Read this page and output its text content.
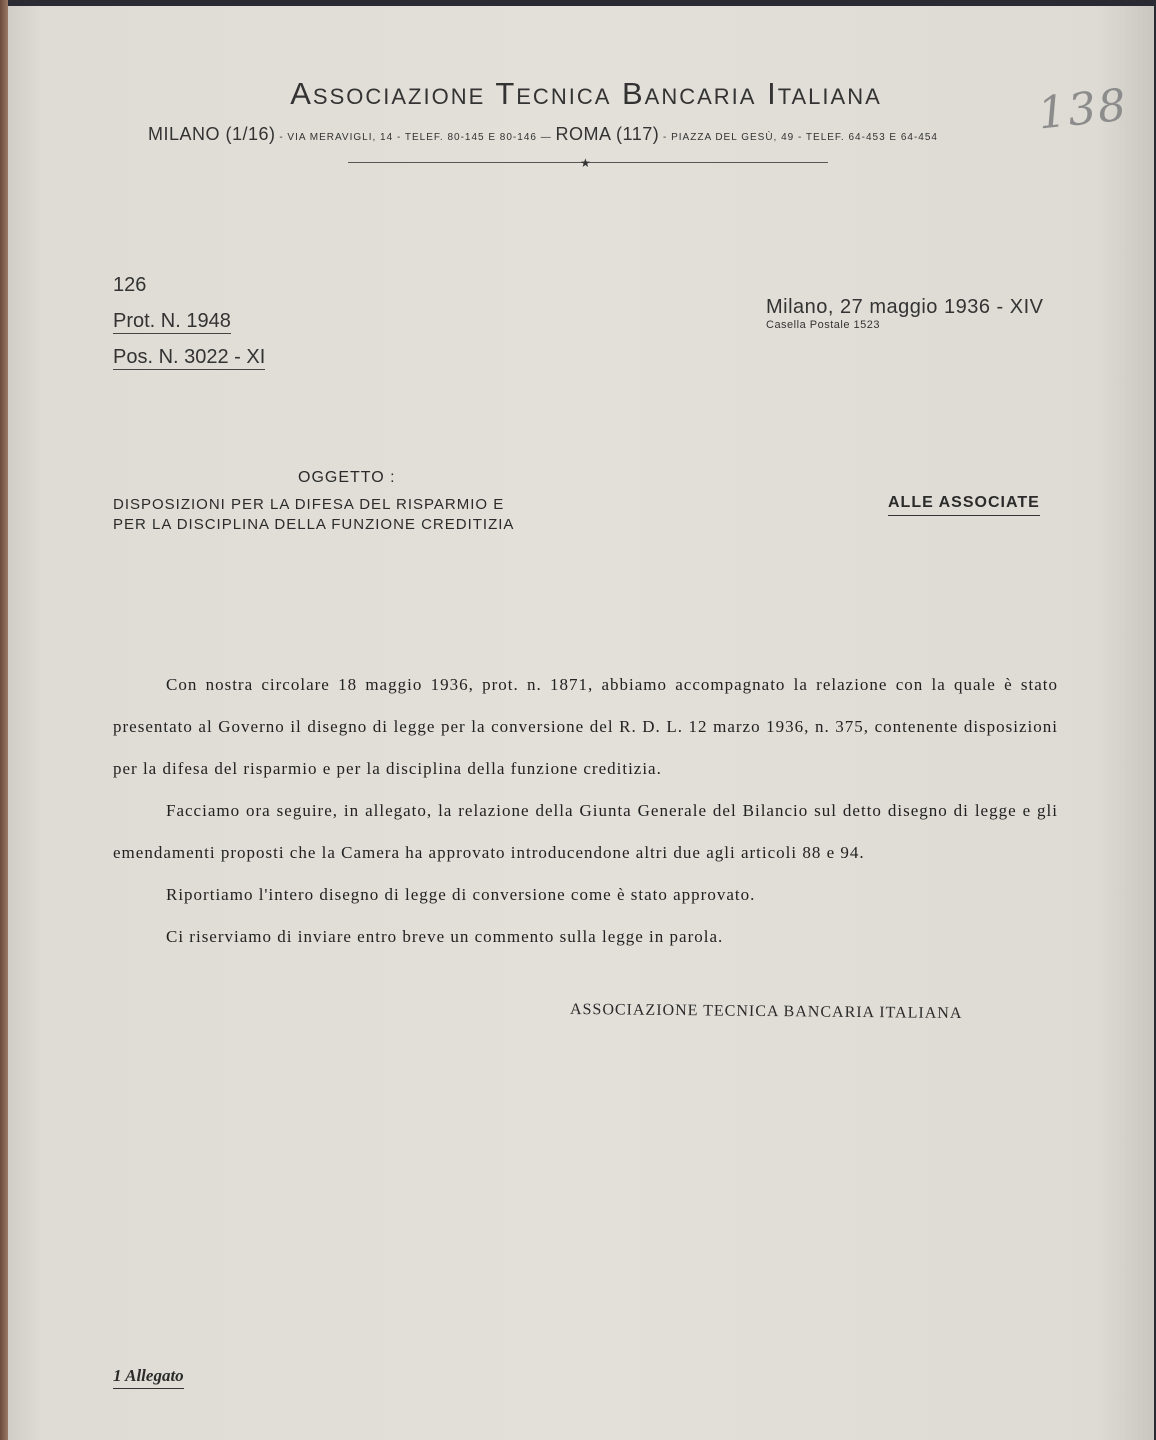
138
Associazione Tecnica Bancaria Italiana
MILANO (1/16) - VIA MERAVIGLI, 14 - TELEF. 80-145 E 80-146 — ROMA (117) - PIAZZA DEL GESÙ, 49 - TELEF. 64-453 E 64-454
★
126
Prot. N. 1948
Pos. N. 3022 - XI
Milano, 27 maggio 1936 - XIV
Casella Postale 1523
OGGETTO :
DISPOSIZIONI PER LA DIFESA DEL RISPARMIO E
PER LA DISCIPLINA DELLA FUNZIONE CREDITIZIA
ALLE ASSOCIATE

Con nostra circolare 18 maggio 1936, prot. n. 1871, abbiamo accompagnato la relazione con la quale è stato presentato al Governo il disegno di legge per la conversione del R. D. L. 12 marzo 1936, n. 375, contenente disposizioni per la difesa del risparmio e per la disciplina della funzione creditizia.

Facciamo ora seguire, in allegato, la relazione della Giunta Generale del Bilancio sul detto disegno di legge e gli emendamenti proposti che la Camera ha approvato introducendone altri due agli articoli 88 e 94.

Riportiamo l'intero disegno di legge di conversione come è stato approvato.

Ci riserviamo di inviare entro breve un commento sulla legge in parola.

ASSOCIAZIONE TECNICA BANCARIA ITALIANA
1 Allegato
